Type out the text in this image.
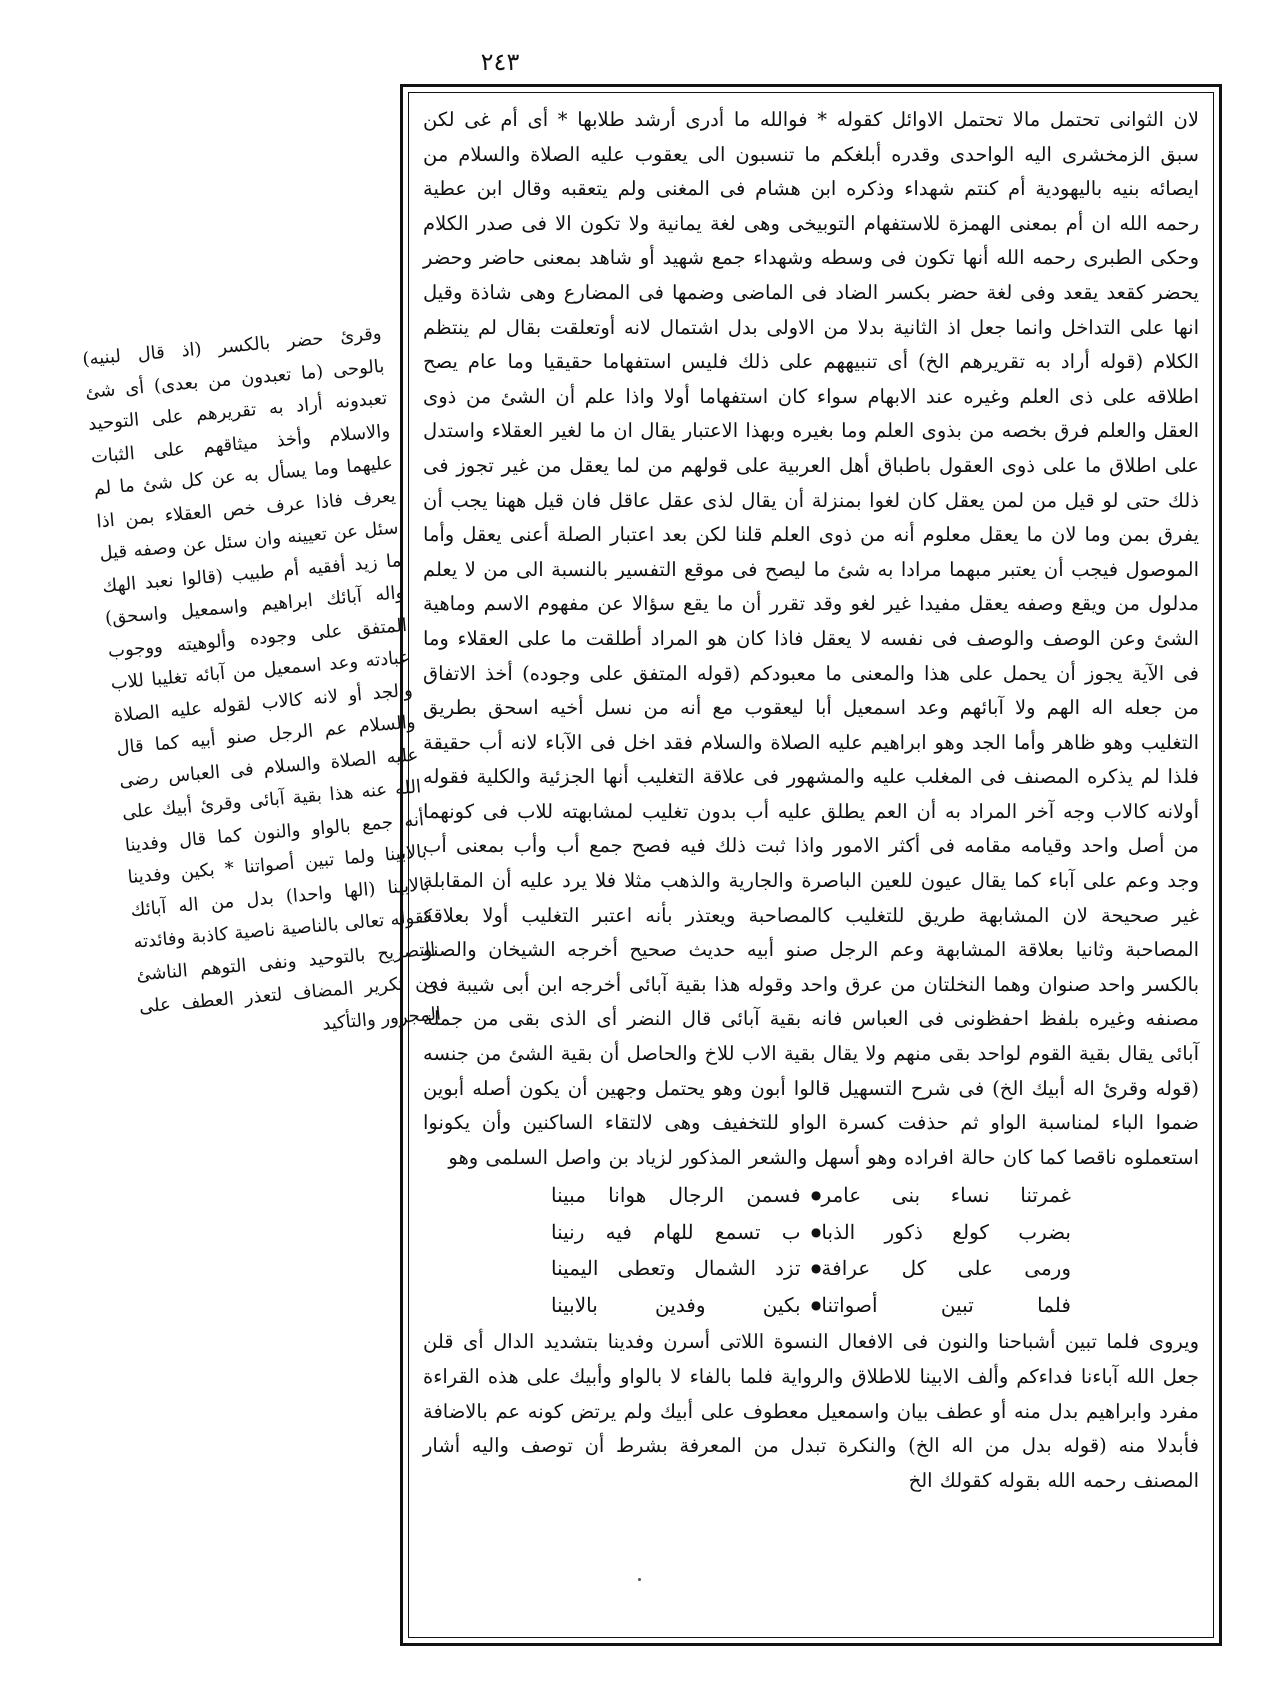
٢٤٣

لان الثوانى تحتمل مالا تحتمل الاوائل كقوله * فوالله ما أدرى أرشد طلابها * أى أم غى لكن سبق الزمخشرى اليه الواحدى وقدره أبلغكم ما تنسبون الى يعقوب عليه الصلاة والسلام من ايصائه بنيه باليهودية أم كنتم شهداء وذكره ابن هشام فى المغنى ولم يتعقبه وقال ابن عطية رحمه الله ان أم بمعنى الهمزة للاستفهام التوبيخى وهى لغة يمانية ولا تكون الا فى صدر الكلام وحكى الطبرى رحمه الله أنها تكون فى وسطه وشهداء جمع شهيد أو شاهد بمعنى حاضر وحضر يحضر كقعد يقعد وفى لغة حضر بكسر الضاد فى الماضى وضمها فى المضارع وهى شاذة وقيل انها على التداخل وانما جعل اذ الثانية بدلا من الاولى بدل اشتمال لانه أوتعلقت بقال لم ينتظم الكلام (قوله أراد به تقريرهم الخ) أى تنبيههم على ذلك فليس استفهاما حقيقيا وما عام يصح اطلاقه على ذى العلم وغيره عند الابهام سواء كان استفهاما أولا واذا علم أن الشئ من ذوى العقل والعلم فرق بخصه من بذوى العلم وما بغيره وبهذا الاعتبار يقال ان ما لغير العقلاء واستدل على اطلاق ما على ذوى العقول باطباق أهل العربية على قولهم من لما يعقل من غير تجوز فى ذلك حتى لو قيل من لمن يعقل كان لغوا بمنزلة أن يقال لذى عقل عاقل فان قيل ههنا يجب أن يفرق بمن وما لان ما يعقل معلوم أنه من ذوى العلم قلنا لكن بعد اعتبار الصلة أعنى يعقل وأما الموصول فيجب أن يعتبر مبهما مرادا به شئ ما ليصح فى موقع التفسير بالنسبة الى من لا يعلم مدلول من ويقع وصفه يعقل مفيدا غير لغو وقد تقرر أن ما يقع سؤالا عن مفهوم الاسم وماهية الشئ وعن الوصف والوصف فى نفسه لا يعقل فاذا كان هو المراد أطلقت ما على العقلاء وما فى الآية يجوز أن يحمل على هذا والمعنى ما معبودكم (قوله المتفق على وجوده) أخذ الاتفاق من جعله اله الهم ولا آبائهم وعد اسمعيل أبا ليعقوب مع أنه من نسل أخيه اسحق بطريق التغليب وهو ظاهر وأما الجد وهو ابراهيم عليه الصلاة والسلام فقد اخل فى الآباء لانه أب حقيقة فلذا لم يذكره المصنف فى المغلب عليه والمشهور فى علاقة التغليب أنها الجزئية والكلية فقوله أولانه كالاب وجه آخر المراد به أن العم يطلق عليه أب بدون تغليب لمشابهته للاب فى كونهما من أصل واحد وقيامه مقامه فى أكثر الامور واذا ثبت ذلك فيه فصح جمع أب وأب بمعنى أب وجد وعم على آباء كما يقال عيون للعين الباصرة والجارية والذهب مثلا فلا يرد عليه أن المقابلة غير صحيحة لان المشابهة طريق للتغليب كالمصاحبة ويعتذر بأنه اعتبر التغليب أولا بعلاقة المصاحبة وثانيا بعلاقة المشابهة وعم الرجل صنو أبيه حديث صحيح أخرجه الشيخان والصنو بالكسر واحد صنوان وهما النخلتان من عرق واحد وقوله هذا بقية آبائى أخرجه ابن أبى شيبة فى مصنفه وغيره بلفظ احفظونى فى العباس فانه بقية آبائى قال النضر أى الذى بقى من جملة آبائى يقال بقية القوم لواحد بقى منهم ولا يقال بقية الاب للاخ والحاصل أن بقية الشئ من جنسه (قوله وقرئ اله أبيك الخ) فى شرح التسهيل قالوا أبون وهو يحتمل وجهين أن يكون أصله أبوين ضموا الباء لمناسبة الواو ثم حذفت كسرة الواو للتخفيف وهى لالتقاء الساكنين وأن يكونوا استعملوه ناقصا كما كان حالة افراده وهو أسهل والشعر المذكور لزياد بن واصل السلمى وهو

غمرتنا نساء بنى عامر
●
فسمن الرجال هوانا مبينا
بضرب كولع ذكور الذبا
●
ب تسمع للهام فيه رنينا
ورمى على كل عرافة
●
تزد الشمال وتعطى اليمينا
فلما تبين أصواتنا
●
بكين وفدين بالابينا

ويروى فلما تبين أشباحنا والنون فى الافعال النسوة اللاتى أسرن وفدينا بتشديد الدال أى قلن جعل الله آباءنا فداءكم وألف الابينا للاطلاق والرواية فلما بالفاء لا بالواو وأبيك على هذه القراءة مفرد وابراهيم بدل منه أو عطف بيان واسمعيل معطوف على أبيك ولم يرتض كونه عم بالاضافة فأبدلا منه (قوله بدل من اله الخ) والنكرة تبدل من المعرفة بشرط أن توصف واليه أشار المصنف رحمه الله بقوله كقولك الخ

وقرئ حضر بالكسر (اذ قال لبنيه) بالوحى (ما تعبدون من بعدى) أى شئ تعبدونه أراد به تقريرهم على التوحيد والاسلام وأخذ ميثاقهم على الثبات عليهما وما يسأل به عن كل شئ ما لم يعرف فاذا عرف خص العقلاء بمن اذا سئل عن تعيينه وان سئل عن وصفه قيل ما زيد أفقيه أم طبيب (قالوا نعبد الهك واله آبائك ابراهيم واسمعيل واسحق) المتفق على وجوده وألوهيته ووجوب عبادته وعد اسمعيل من آبائه تغليبا للاب والجد أو لانه كالاب لقوله عليه الصلاة والسلام عم الرجل صنو أبيه كما قال عليه الصلاة والسلام فى العباس رضى الله عنه هذا بقية آبائى وقرئ أبيك على أنه جمع بالواو والنون كما قال وفدينا بالابينا ولما تبين أصواتنا * بكين وفدينا بالابينا (الها واحدا) بدل من اله آبائك كقوله تعالى بالناصية ناصية كاذبة وفائدته التصريح بالتوحيد ونفى التوهم الناشئ من تكرير المضاف لتعذر العطف على المجرور والتأكيد
